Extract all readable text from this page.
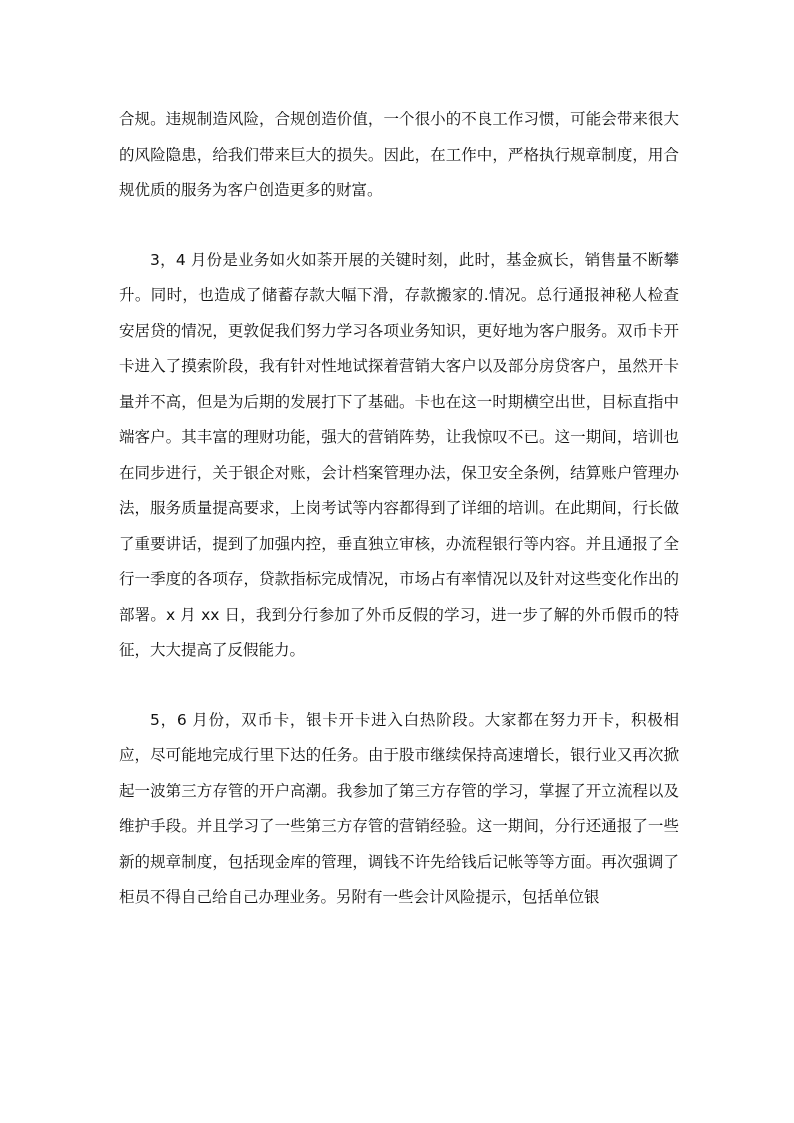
合规。违规制造风险，合规创造价值，一个很小的不良工作习惯，可能会带来很大的风险隐患，给我们带来巨大的损失。因此，在工作中，严格执行规章制度，用合规优质的服务为客户创造更多的财富。

3，4 月份是业务如火如荼开展的关键时刻，此时，基金疯长，销售量不断攀升。同时，也造成了储蓄存款大幅下滑，存款搬家的.情况。总行通报神秘人检查安居贷的情况，更敦促我们努力学习各项业务知识，更好地为客户服务。双币卡开卡进入了摸索阶段，我有针对性地试探着营销大客户以及部分房贷客户，虽然开卡量并不高，但是为后期的发展打下了基础。卡也在这一时期横空出世，目标直指中端客户。其丰富的理财功能，强大的营销阵势，让我惊叹不已。这一期间，培训也在同步进行，关于银企对账，会计档案管理办法，保卫安全条例，结算账户管理办法，服务质量提高要求，上岗考试等内容都得到了详细的培训。在此期间，行长做了重要讲话，提到了加强内控，垂直独立审核，办流程银行等内容。并且通报了全行一季度的各项存，贷款指标完成情况，市场占有率情况以及针对这些变化作出的部署。x 月 xx 日，我到分行参加了外币反假的学习，进一步了解的外币假币的特征，大大提高了反假能力。

5，6 月份，双币卡，银卡开卡进入白热阶段。大家都在努力开卡，积极相应，尽可能地完成行里下达的任务。由于股市继续保持高速增长，银行业又再次掀起一波第三方存管的开户高潮。我参加了第三方存管的学习，掌握了开立流程以及维护手段。并且学习了一些第三方存管的营销经验。这一期间，分行还通报了一些新的规章制度，包括现金库的管理，调钱不许先给钱后记帐等等方面。再次强调了柜员不得自己给自己办理业务。另附有一些会计风险提示，包括单位银
